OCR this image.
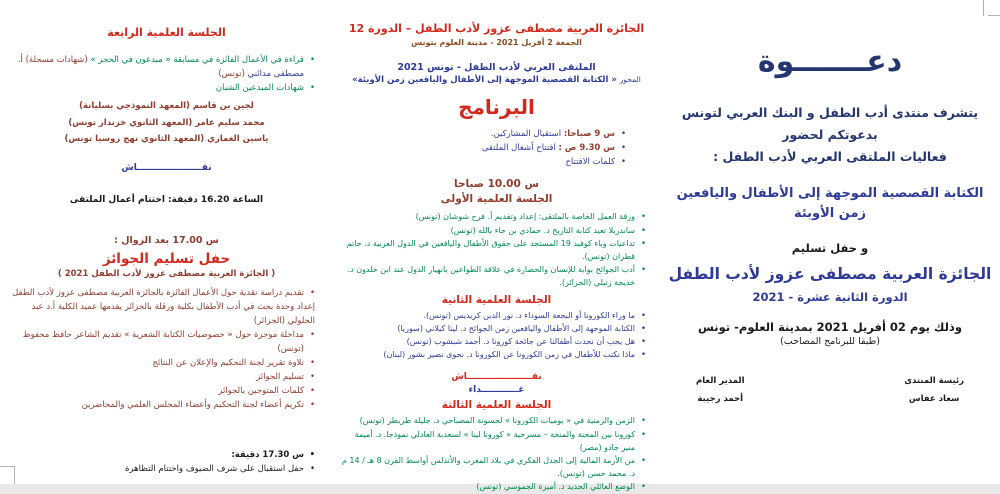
الجلسة العلمية الرابعة
• قراءة في الأعمال الفائزة في مسابقة « مبدعون في الحجر » (شهادات مسجلة) أ. مصطفى مدائني (تونس)
• شهادات المبدعين الشبان
لجين بن قاسم (المعهد النموذجي بسليانة)
محمد سليم عامر (المعهد الثانوي خزندار تونس)
ياسين الغماري (المعهد الثانوي نهج روسيا تونس)
نقـــــــــــــــــــــاش
الساعة 16.20 دقيقة: اختتام أعمال الملتقى
س 17.00 بعد الزوال :
حفل تسليم الجوائز
( الجائزة العربية مصطفى عزوز لأدب الطفل 2021 )
• تقديم دراسة نقدية حول الأعمال الفائزة بالجائزة العربية مصطفى عزوز لأدب الطفل
إعداد وحدة بحث في أدب الأطفال بكلية ورقلة بالجزائر يقدمها عميد الكلية أ.د عبد الجلولي (الجزائر)
• مداخلة موجزة حول « خصوصيات الكتابة الشعرية » تقديم الشاعر حافظ محفوظ (تونس)
• تلاوة تقرير لجنة التحكيم والإعلان عن النتائج
• تسليم الجوائز
• كلمات المتوجين بالجوائز
• تكريم أعضاء لجنة التحكيم وأعضاء المجلس العلمي والمحاضرين
• س 17.30 دقيقة:
• حفل استقبال على شرف الضيوف واختتام التظاهرة
الجائزة العربية مصطفى عزوز لأدب الطفل – الدورة 12
الجمعة 2 أفريل 2021 - مدينة العلوم بتونس
الملتقى العربي لأدب الطفل - تونس 2021
المحور « الكتابة القصصية الموجهة إلى الأطفال واليافعين زمن الأوبئة»
البرنامج
• س 9 صباحا: استقبال المشاركين.
• س 9.30 ص : افتتاح أشغال الملتقى
• كلمات الافتتاح
س 10.00 صباحا
الجلسة العلمية الأولى
• ورقة العمل الخاصة بالملتقى: إعداد وتقديم أ. فرح شوشان (تونس)
• ساندريلا تعيد كتابة التاريخ د. حمادي بن جاء بالله (تونس)
• تداعيات وباء كوفيد 19 المستجد على حقوق الأطفال واليافعين في الدول العربية د. حاتم قطران (تونس).
• أدب الجوائح بوابة للإنسان والحضارة في علاقة الطواعين بانهيار الدول عند ابن خلدون د. خديجة زتيلي (الجزائر).
الجلسة العلمية الثانية
• ما وراء الكورونا أو البجعة السوداء د. نور الدين كريديس (تونس).
• الكتابة الموجهة إلى الأطفال واليافعين زمن الجوائح د. لينا كيلاني (سوريا)
• هل يجب أن نحدث أطفالنا عن جائحة كورونا د. أحمد شبشوب (تونس)
• ماذا نكتب للأطفال في زمن الكورونا عن الكورونا د. نجوى نصير بشور (لبنان)
نقـــــــــــــــــــــاش
غــــــــــــداء
الجلسة العلمية الثالثة
• الزمن والزمنية في « يوميات الكورونا » لحسونة المصباحي د. جليلة طريطر (تونس)
• كورونا بين المحنة والمنحة – مسرحية « كورونا لينا » لسعدية العادلي نموذجا. د. أميمة منير جادو (مصر)
• من الأزمة المالية إلى الجدل الفكري في بلاد المغرب والأندلس أواسط القرن 8 هـ / 14 م د. محمد حسن (تونس).
• الوضع العائلي الجديد د. أميرة الجموسي (تونس)
دعـــــــوة
يتشرف منتدى أدب الطفل و البنك العربي لتونس
بدعوتكم لحضور
فعاليات الملتقى العربي لأدب الطفل :
الكتابة القصصية الموجهة إلى الأطفال واليافعين
زمن الأوبئة
و حفل تسليم
الجائزة العربية مصطفى عزوز لأدب الطفل
الدورة الثانية عشرة - 2021
وذلك يوم 02 أفريل 2021 بمدينة العلوم- تونس
(طبقا للبرنامج المصاحب)
رئيسة المنتدى
سعاد عفاس
المدير العام
أحمد رجيبة
